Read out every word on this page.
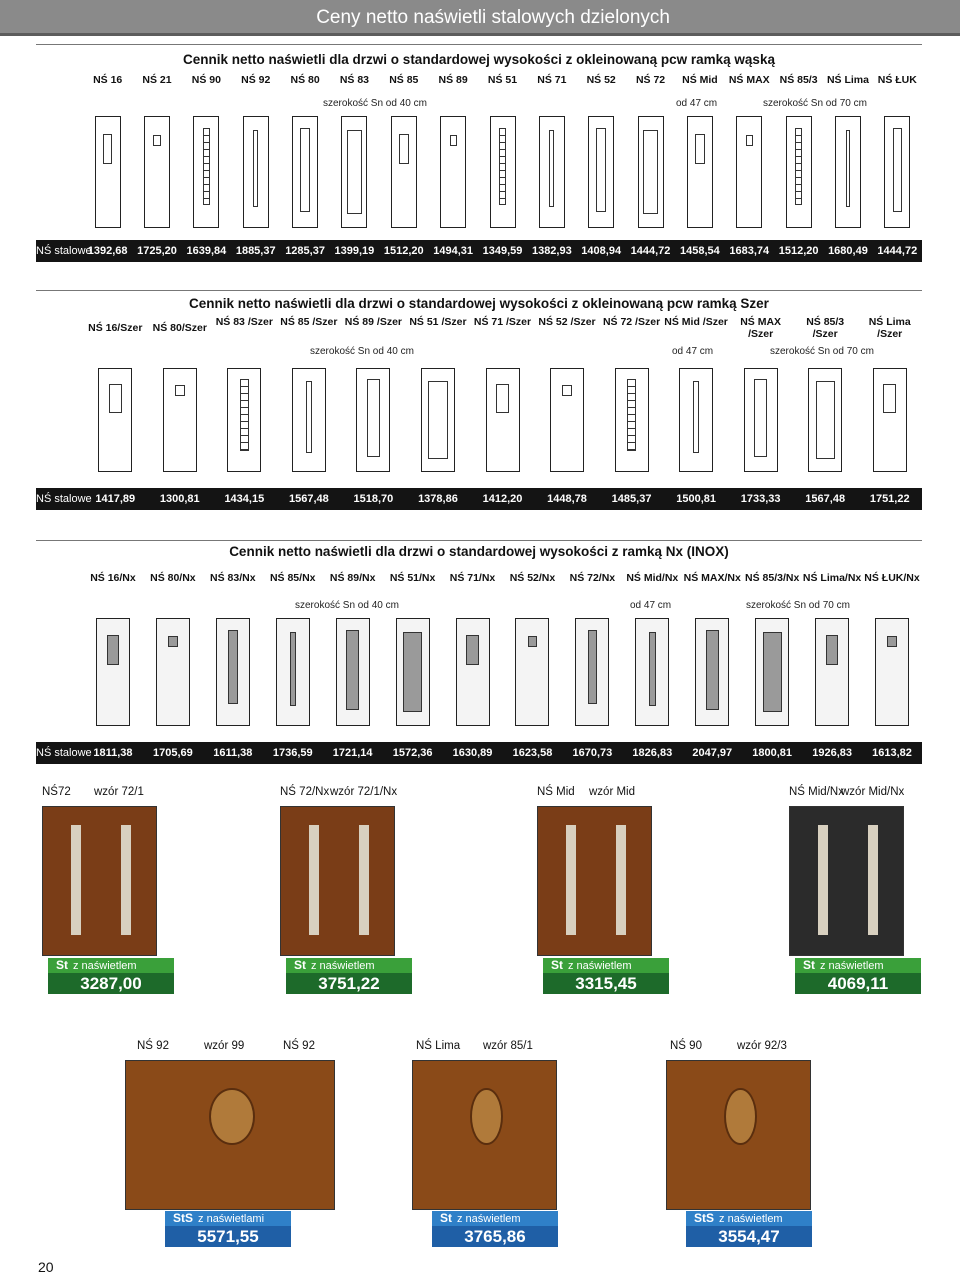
Ceny netto naświetli stalowych dzielonych
Cennik netto naświetli dla drzwi o standardowej wysokości z okleinowaną pcw ramką wąską
NŚ 16	NŚ 21	NŚ 90	NŚ 92	NŚ 80	NŚ 83	NŚ 85	NŚ 89	NŚ 51	NŚ 71	NŚ 52	NŚ 72	NŚ Mid	NŚ MAX NŚ 85/3 NŚ Lima NŚ ŁUK
szerokość Sn od 40 cm	od 47 cm	szerokość Sn od 70 cm
NŚ stalowe
1392,68 1725,20 1639,84 1885,37 1285,37 1399,19 1512,20 1494,31 1349,59 1382,93 1408,94 1444,72 1458,54 1683,74 1512,20 1680,49 1444,72
Cennik netto naświetli dla drzwi o standardowej wysokości z okleinowaną pcw ramką Szer
NŚ 16/Szer NŚ 80/Szer NŚ 83 /Szer NŚ 85 /Szer NŚ 89 /Szer NŚ 51 /Szer NŚ 71 /Szer NŚ 52 /Szer NŚ 72 /Szer NŚ Mid /Szer	NŚ MAX /Szer
NŚ 85/3 /Szer
NŚ Lima /Szer
szerokość Sn od 40 cm	od 47 cm	szerokość Sn od 70 cm
NŚ stalowe 1417,89	1300,81	1434,15	1567,48	1518,70	1378,86	1412,20	1448,78	1485,37	1500,81	1733,33	1567,48	1751,22
Cennik netto naświetli dla drzwi o standardowej wysokości z ramką Nx (INOX)
NŚ 16/Nx	NŚ 80/Nx	NŚ 83/Nx	NŚ 85/Nx	NŚ 89/Nx	NŚ 51/Nx	NŚ 71/Nx	NŚ 52/Nx	NŚ 72/Nx	NŚ Mid/Nx NŚ MAX/Nx NŚ 85/3/Nx NŚ Lima/Nx NŚ ŁUK/Nx
szerokość Sn od 40 cm	od 47 cm	szerokość Sn od 70 cm
NŚ stalowe 1811,38	1705,69	1611,38	1736,59	1721,14	1572,36	1630,89	1623,58	1670,73	1826,83	2047,97	1800,81	1926,83	1613,82
NŚ72 wzór 72/1
St z naświetlem
3287,00
NŚ 72/Nx wzór 72/1/Nx
St z naświetlem
3751,22
NŚ Mid wzór Mid
St z naświetlem
3315,45
NŚ Mid/Nx
wzór Mid/Nx
St z naświetlem
4069,11
NŚ 92	wzór 99	NŚ 92
StS z naświetlami
5571,55
NŚ Lima wzór 85/1
St z naświetlem
3765,86
NŚ 90	wzór 92/3
StS z naświetlem
3554,47
20
